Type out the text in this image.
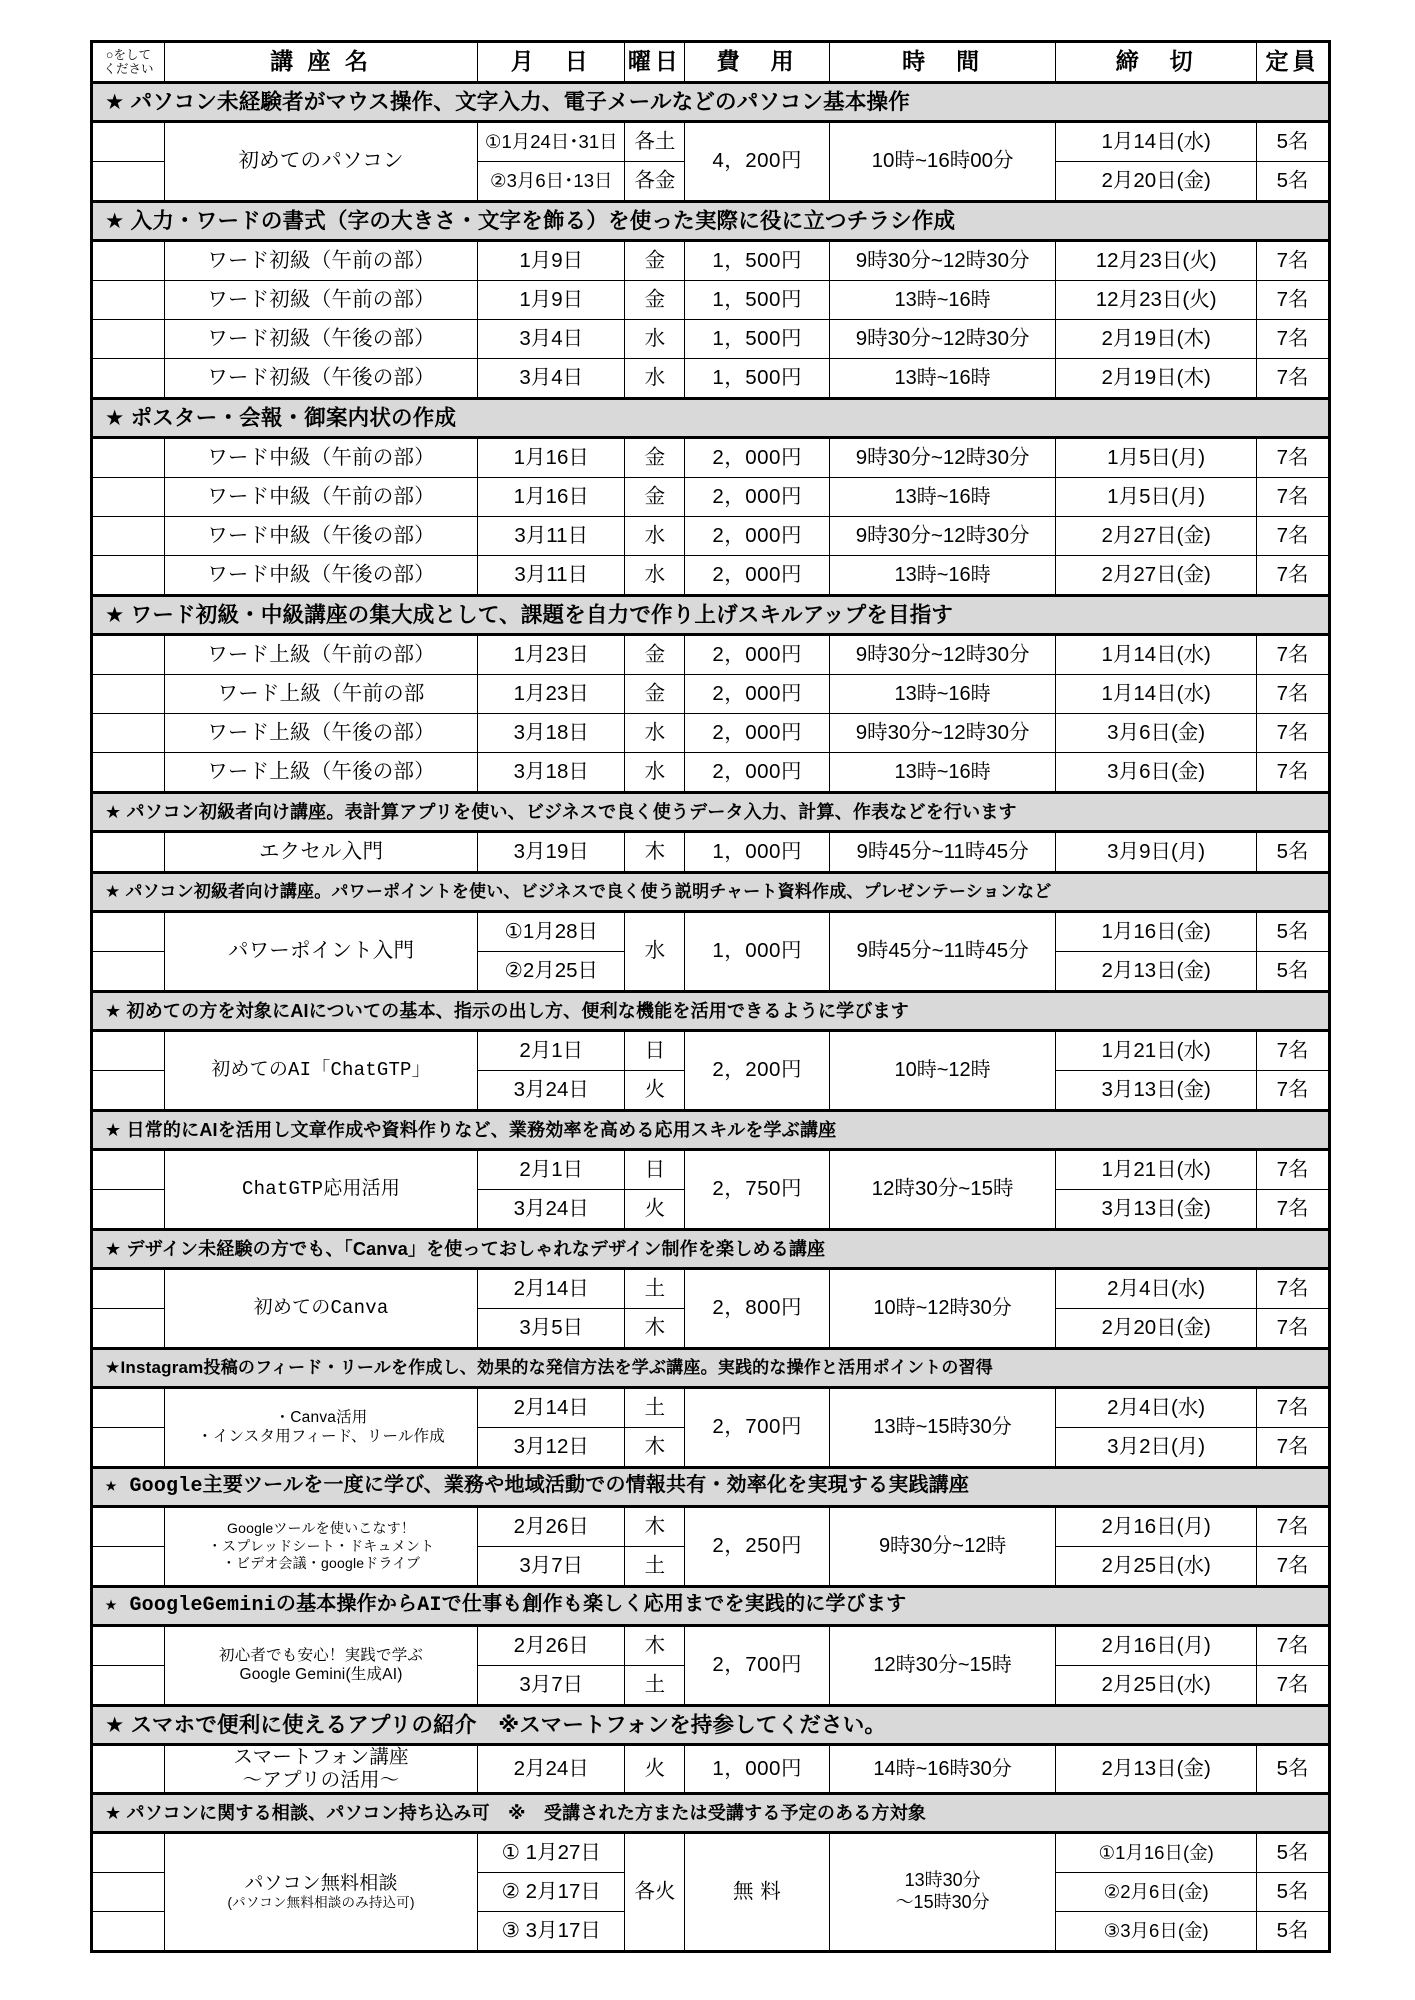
○をして
ください	講 座 名	月　日	曜日	費　用	時　間	締　切	定員
★ パソコン未経験者がマウス操作、文字入力、電子メールなどのパソコン基本操作							
	初めてのパソコン	①1月24日･31日	各土	4，200円	10時~16時00分	1月14日(水)	5名
		②3月6日･13日	各金			2月20日(金)	5名
★ 入力・ワードの書式（字の大きさ・文字を飾る）を使った実際に役に立つチラシ作成							
	ワード初級（午前の部）	1月9日	金	1，500円	9時30分~12時30分	12月23日(火)	7名
	ワード初級（午前の部）	1月9日	金	1，500円	13時~16時	12月23日(火)	7名
	ワード初級（午後の部）	3月4日	水	1，500円	9時30分~12時30分	2月19日(木)	7名
	ワード初級（午後の部）	3月4日	水	1，500円	13時~16時	2月19日(木)	7名
★ ポスター・会報・御案内状の作成							
	ワード中級（午前の部）	1月16日	金	2，000円	9時30分~12時30分	1月5日(月)	7名
	ワード中級（午前の部）	1月16日	金	2，000円	13時~16時	1月5日(月)	7名
	ワード中級（午後の部）	3月11日	水	2，000円	9時30分~12時30分	2月27日(金)	7名
	ワード中級（午後の部）	3月11日	水	2，000円	13時~16時	2月27日(金)	7名
★ ワード初級・中級講座の集大成として、課題を自力で作り上げスキルアップを目指す							
	ワード上級（午前の部）	1月23日	金	2，000円	9時30分~12時30分	1月14日(水)	7名
	ワード上級（午前の部	1月23日	金	2，000円	13時~16時	1月14日(水)	7名
	ワード上級（午後の部）	3月18日	水	2，000円	9時30分~12時30分	3月6日(金)	7名
	ワード上級（午後の部）	3月18日	水	2，000円	13時~16時	3月6日(金)	7名
★ パソコン初級者向け講座。表計算アプリを使い、ビジネスで良く使うデータ入力、計算、作表などを行います							
	エクセル入門	3月19日	木	1，000円	9時45分~11時45分	3月9日(月)	5名
★ パソコン初級者向け講座。パワーポイントを使い、ビジネスで良く使う説明チャート資料作成、プレゼンテーションなど							
	パワーポイント入門	①1月28日	水	1，000円	9時45分~11時45分	1月16日(金)	5名
		②2月25日				2月13日(金)	5名
★ 初めての方を対象にAIについての基本、指示の出し方、便利な機能を活用できるように学びます							
	初めてのAI「ChatGTP」	2月1日	日	2，200円	10時~12時	1月21日(水)	7名
		3月24日	火			3月13日(金)	7名
★ 日常的にAIを活用し文章作成や資料作りなど、業務効率を高める応用スキルを学ぶ講座							
	ChatGTP応用活用	2月1日	日	2，750円	12時30分~15時	1月21日(水)	7名
		3月24日	火			3月13日(金)	7名
★ デザイン未経験の方でも、「Canva」を使っておしゃれなデザイン制作を楽しめる講座							
	初めてのCanva	2月14日	土	2，800円	10時~12時30分	2月4日(水)	7名
		3月5日	木			2月20日(金)	7名
★Instagram投稿のフィード・リールを作成し、効果的な発信方法を学ぶ講座。実践的な操作と活用ポイントの習得							
	・Canva活用
・インスタ用フィード、リール作成	2月14日	土	2，700円	13時~15時30分	2月4日(水)	7名
		3月12日	木			3月2日(月)	7名
★ Google主要ツールを一度に学び、業務や地域活動での情報共有・効率化を実現する実践講座							
	Googleツールを使いこなす！
・スプレッドシート・ドキュメント
・ビデオ会議・googleドライブ	2月26日	木	2，250円	9時30分~12時	2月16日(月)	7名
		3月7日	土			2月25日(水)	7名
★ GoogleGeminiの基本操作からAIで仕事も創作も楽しく応用までを実践的に学びます							
	初心者でも安心！実践で学ぶ
Google Gemini(生成AI)	2月26日	木	2，700円	12時30分~15時	2月16日(月)	7名
		3月7日	土			2月25日(水)	7名
★ スマホで便利に使えるアプリの紹介　※スマートフォンを持参してください。							
	スマートフォン講座
～アプリの活用～	2月24日	火	1，000円	14時~16時30分	2月13日(金)	5名
★ パソコンに関する相談、パソコン持ち込み可　※　受講された方または受講する予定のある方対象							

	パソコン無料相談
(パソコン無料相談のみ持込可)	① 1月27日	各火	無 料	13時30分
～15時30分	①1月16日(金)	5名
		② 2月17日				②2月6日(金)	5名
		③ 3月17日				③3月6日(金)	5名
